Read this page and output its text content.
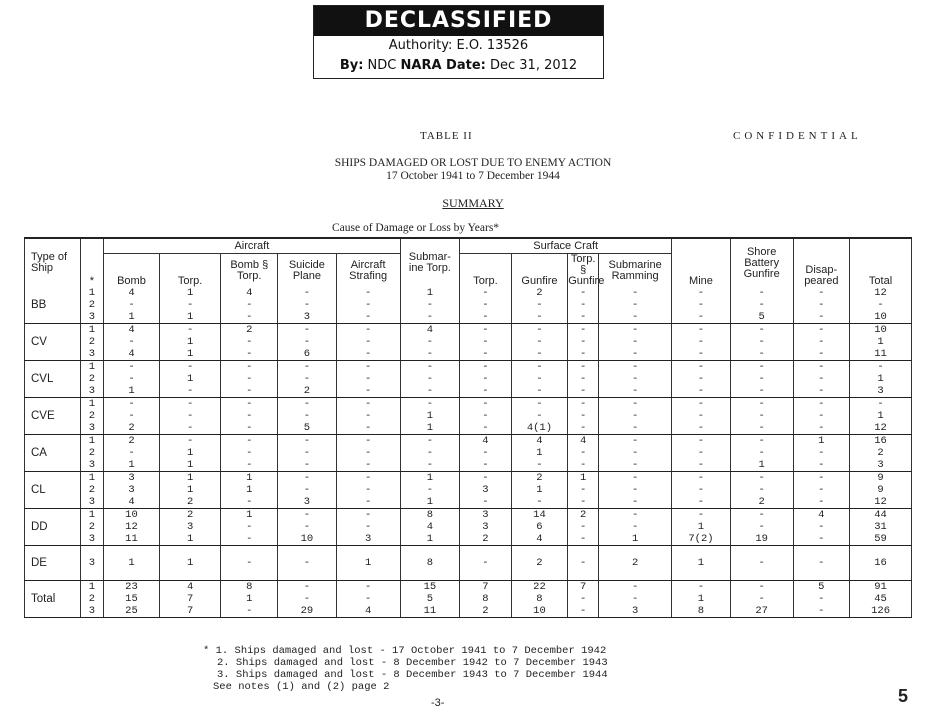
DECLASSIFIED
Authority: E.O. 13526
By: NDC NARA Date: Dec 31, 2012
TABLE II	CONFIDENTIAL
SHIPS DAMAGED OR LOST DUE TO ENEMY ACTION
17 October 1941 to 7 December 1944
SUMMARY
Cause of Damage or Loss by Years*
Type of Ship	*	Aircraft					Submar- ine Torp.	Surface Craft				Mine	Shore Battery Gunfire	Disap- peared	Total
		Bomb	Torp.	Bomb § Torp.	Suicide Plane	Aircraft Strafing		Torp.	Gunfire	Torp. § Gunfire	Submarine Ramming				

BB	1	4	1	4	-	-	1	-	2	-	-	-	-	-	12
	2	-	-	-	-	-	-	-	-	-	-	-	-	-	-
	3	1	1	-	3	-	-	-	-	-	-	-	5	-	10
CV	1	4	-	2	-	-	4	-	-	-	-	-	-	-	10
	2	-	1	-	-	-	-	-	-	-	-	-	-	-	1
	3	4	1	-	6	-	-	-	-	-	-	-	-	-	11
CVL	1	-	-	-	-	-	-	-	-	-	-	-	-	-	-
	2	-	1	-	-	-	-	-	-	-	-	-	-	-	1
	3	1	-	-	2	-	-	-	-	-	-	-	-	-	3
CVE	1	-	-	-	-	-	-	-	-	-	-	-	-	-	-
	2	-	-	-	-	-	1	-	-	-	-	-	-	-	1
	3	2	-	-	5	-	1	-	4(1)	-	-	-	-	-	12
CA	1	2	-	-	-	-	-	4	4	4	-	-	-	1	16
	2	-	1	-	-	-	-	-	1	-	-	-	-	-	2
	3	1	1	-	-	-	-	-	-	-	-	-	1	-	3
CL	1	3	1	1	-	-	1	-	2	1	-	-	-	-	9
	2	3	1	1	-	-	-	3	1	-	-	-	-	-	9
	3	4	2	-	3	-	1	-	-	-	-	-	2	-	12
DD	1	10	2	1	-	-	8	3	14	2	-	-	-	4	44
	2	12	3	-	-	-	4	3	6	-	-	1	-	-	31
	3	11	1	-	10	3	1	2	4	-	1	7(2)	19	-	59
DE	3	1	1	-	-	1	8	-	2	-	2	1	-	-	16
Total	1	23	4	8	-	-	15	7	22	7	-	-	-	5	91
	2	15	7	1	-	-	5	8	8	-	-	1	-	-	45
	3	25	7	-	29	4	11	2	10	-	3	8	27	-	126
* 1. Ships damaged and lost - 17 October 1941 to 7 December 1942
2. Ships damaged and lost - 8 December 1942 to 7 December 1943
3. Ships damaged and lost - 8 December 1943 to 7 December 1944
See notes (1) and (2) page 2
-3-	5
